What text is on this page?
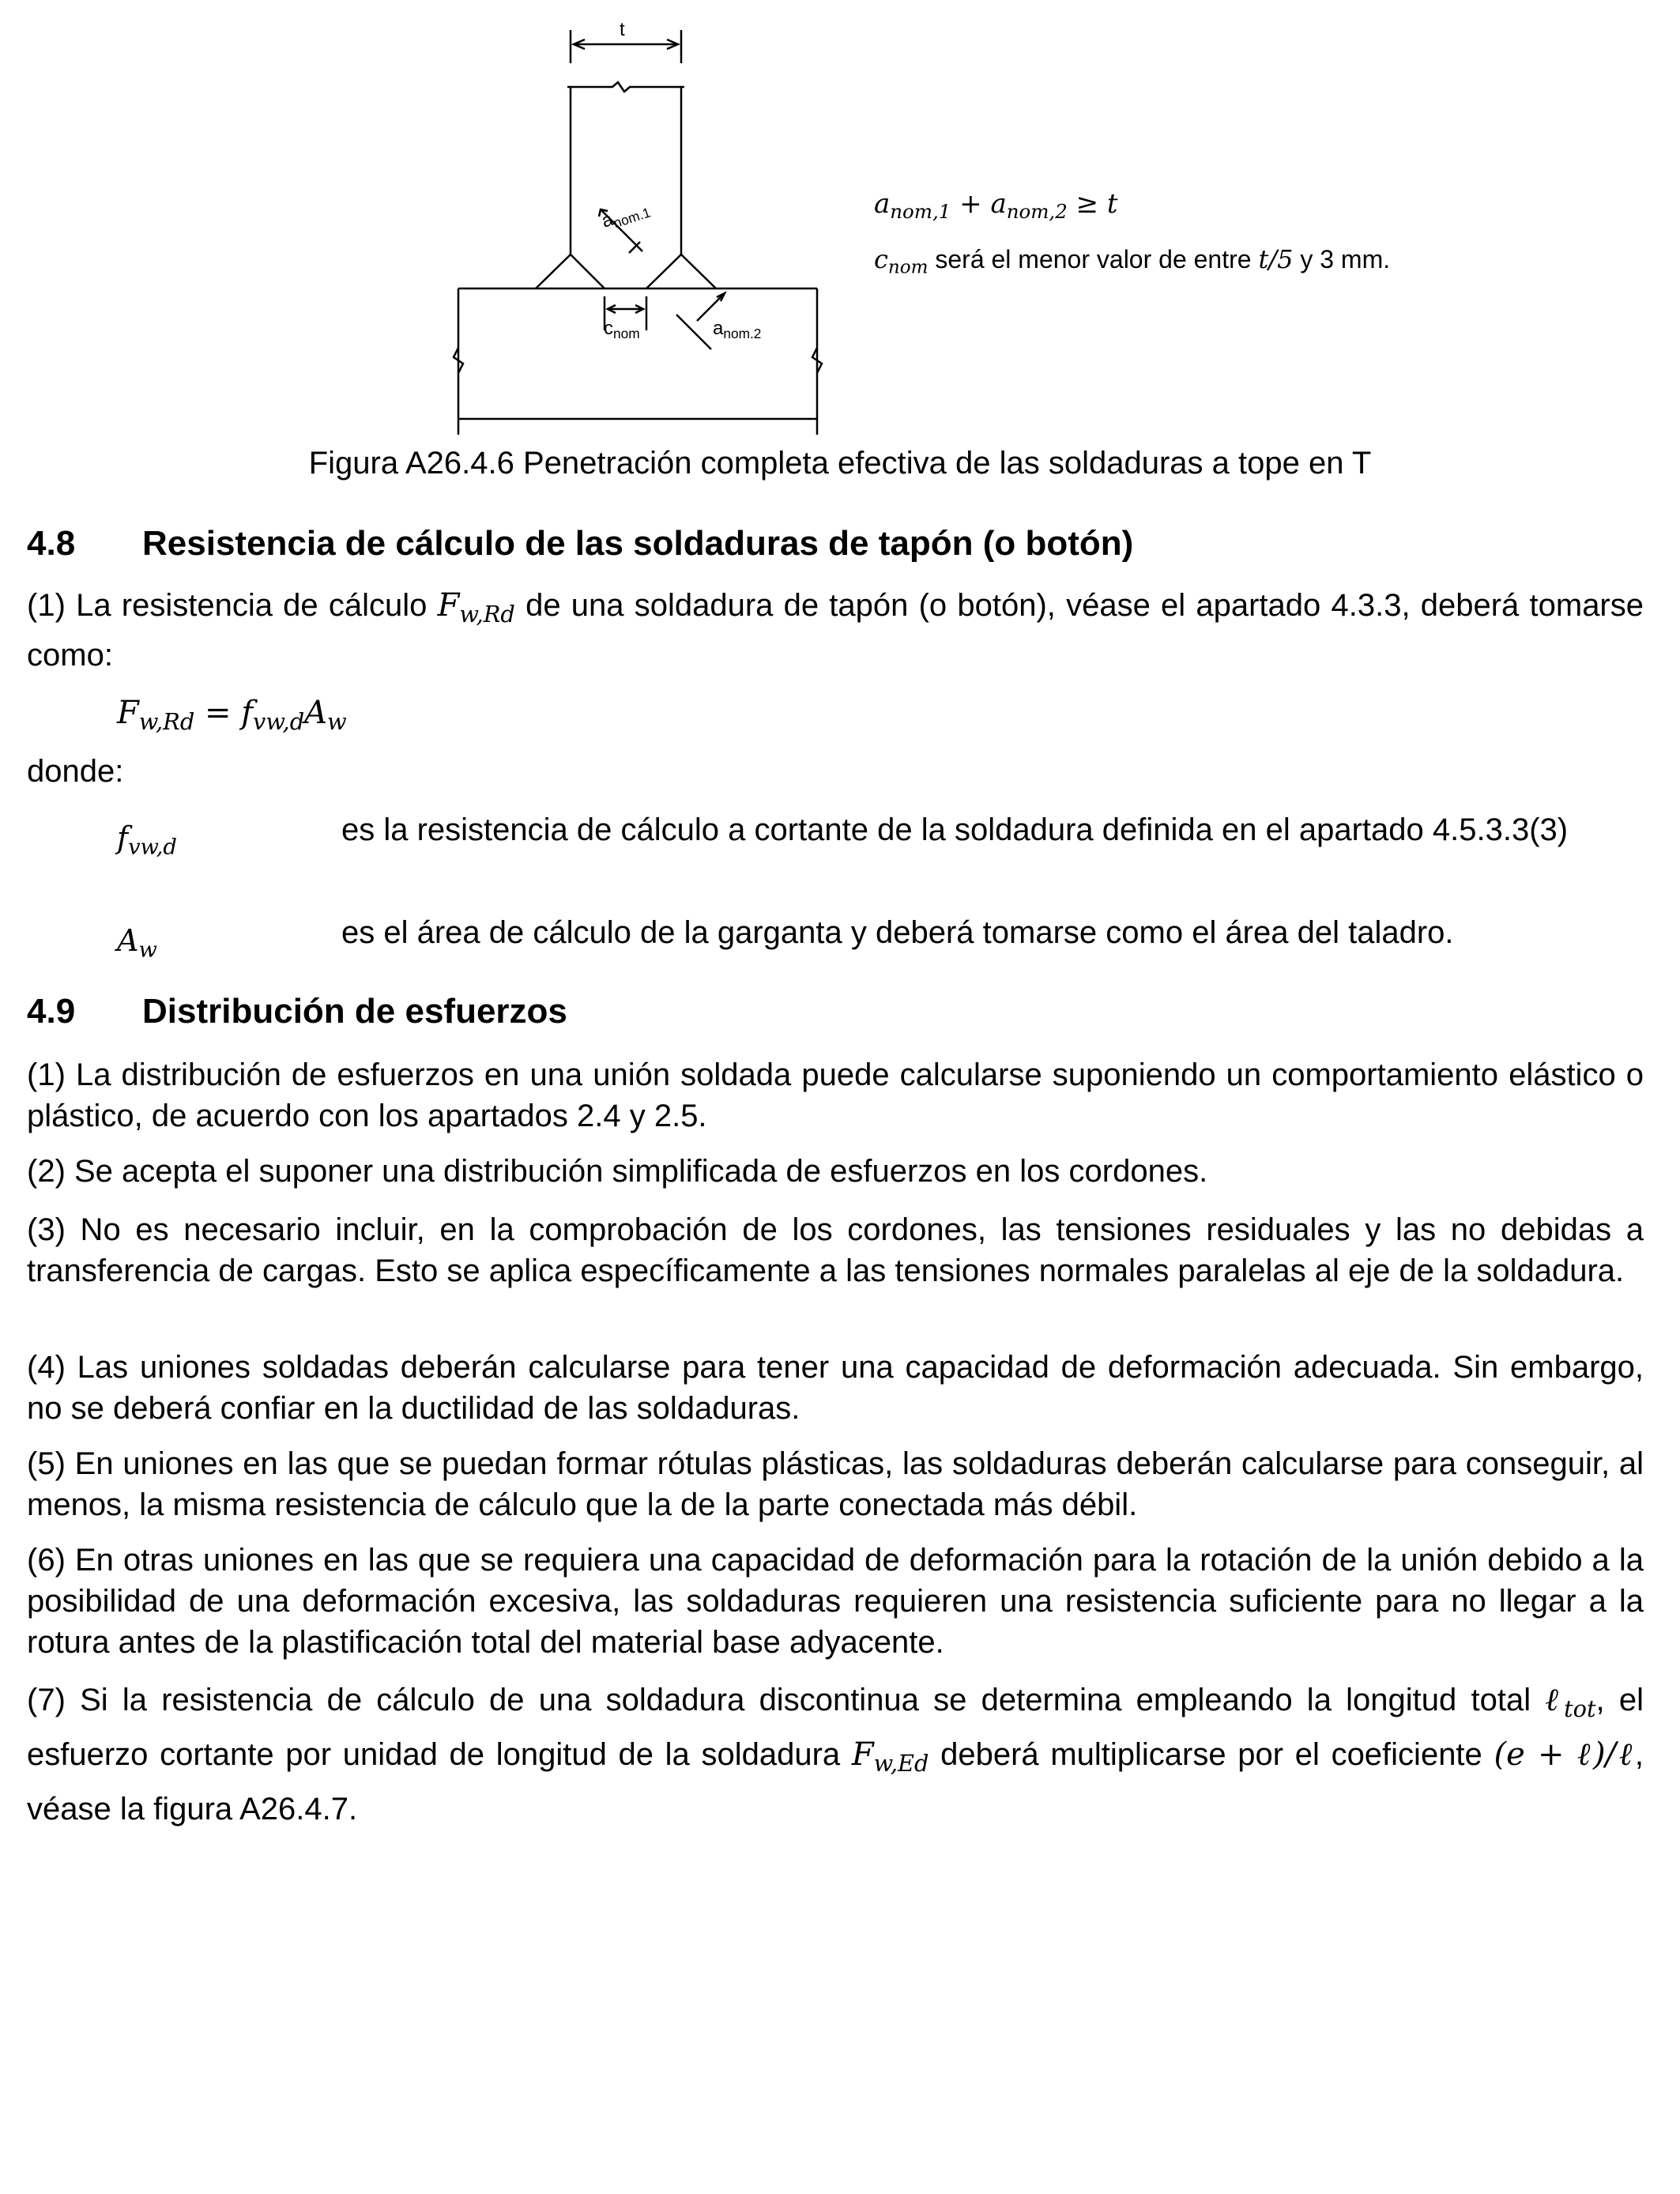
t
$a_{nom.1}$
$c_{nom}$	$a_{nom.2}$
$a_{nom,1} + a_{nom,2} \ge t$
$c_{nom}$ será el menor valor de entre t/5 y 3 mm.
Figura A26.4.6 Penetración completa efectiva de las soldaduras a tope en T
4.8 Resistencia de cálculo de las soldaduras de tapón (o botón)

(1) La resistencia de cálculo $F_{w,Rd}$ de una soldadura de tapón (o botón), véase el apartado 4.3.3, deberá tomarse como:

$F_{w,Rd} = f_{vw,d}A_w$
donde:
$f_{vw,d}$
es la resistencia de cálculo a cortante de la soldadura definida en el apartado 4.5.3.3(3)
$A_w$
es el área de cálculo de la garganta y deberá tomarse como el área del taladro.
4.9 Distribución de esfuerzos

(1) La distribución de esfuerzos en una unión soldada puede calcularse suponiendo un comportamiento elástico o plástico, de acuerdo con los apartados 2.4 y 2.5.

(2) Se acepta el suponer una distribución simplificada de esfuerzos en los cordones.

(3) No es necesario incluir, en la comprobación de los cordones, las tensiones residuales y las no debidas a transferencia de cargas. Esto se aplica específicamente a las tensiones normales paralelas al eje de la soldadura.

(4) Las uniones soldadas deberán calcularse para tener una capacidad de deformación adecuada. Sin embargo, no se deberá confiar en la ductilidad de las soldaduras.

(5) En uniones en las que se puedan formar rótulas plásticas, las soldaduras deberán calcularse para conseguir, al menos, la misma resistencia de cálculo que la de la parte conectada más débil.

(6) En otras uniones en las que se requiera una capacidad de deformación para la rotación de la unión debido a la posibilidad de una deformación excesiva, las soldaduras requieren una resistencia suficiente para no llegar a la rotura antes de la plastificación total del material base adyacente.

(7) Si la resistencia de cálculo de una soldadura discontinua se determina empleando la longitud total ℓ$_{tot}$, el esfuerzo cortante por unidad de longitud de la soldadura $F_{w,Ed}$ deberá multiplicarse por el coeficiente (e + ℓ)/ℓ, véase la figura A26.4.7.
